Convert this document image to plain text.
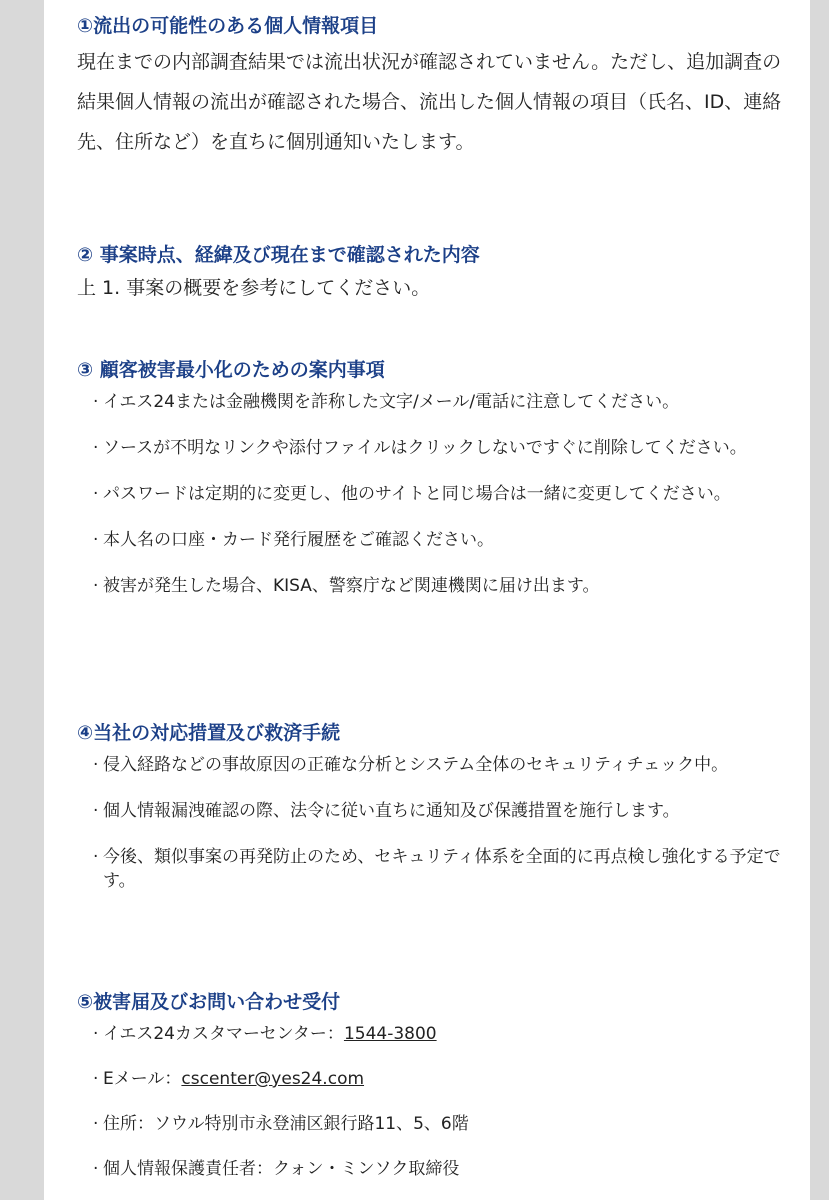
①流出の可能性のある個人情報項目

現在までの内部調査結果では流出状況が確認されていません。ただし、追加調査の結果個人情報の流出が確認された場合、流出した個人情報の項目（氏名、ID、連絡先、住所など）を直ちに個別通知いたします。

② 事案時点、経緯及び現在まで確認された内容

上 1. 事案の概要を参考にしてください。

③ 顧客被害最小化のための案内事項
· イエス24または金融機関を詐称した文字/メール/電話に注意してください。
· ソースが不明なリンクや添付ファイルはクリックしないですぐに削除してください。
· パスワードは定期的に変更し、他のサイトと同じ場合は一緒に変更してください。
· 本人名の口座・カード発行履歴をご確認ください。
· 被害が発生した場合、KISA、警察庁など関連機関に届け出ます。
④当社の対応措置及び救済手続
· 侵入経路などの事故原因の正確な分析とシステム全体のセキュリティチェック中。
· 個人情報漏洩確認の際、法令に従い直ちに通知及び保護措置を施行します。
· 今後、類似事案の再発防止のため、セキュリティ体系を全面的に再点検し強化する予定です。
⑤被害届及びお問い合わせ受付
· イエス24カスタマーセンター：1544-3800
· Eメール：cscenter@yes24.com
· 住所：ソウル特別市永登浦区銀行路11、5、6階
· 個人情報保護責任者：クォン・ミンソク取締役
